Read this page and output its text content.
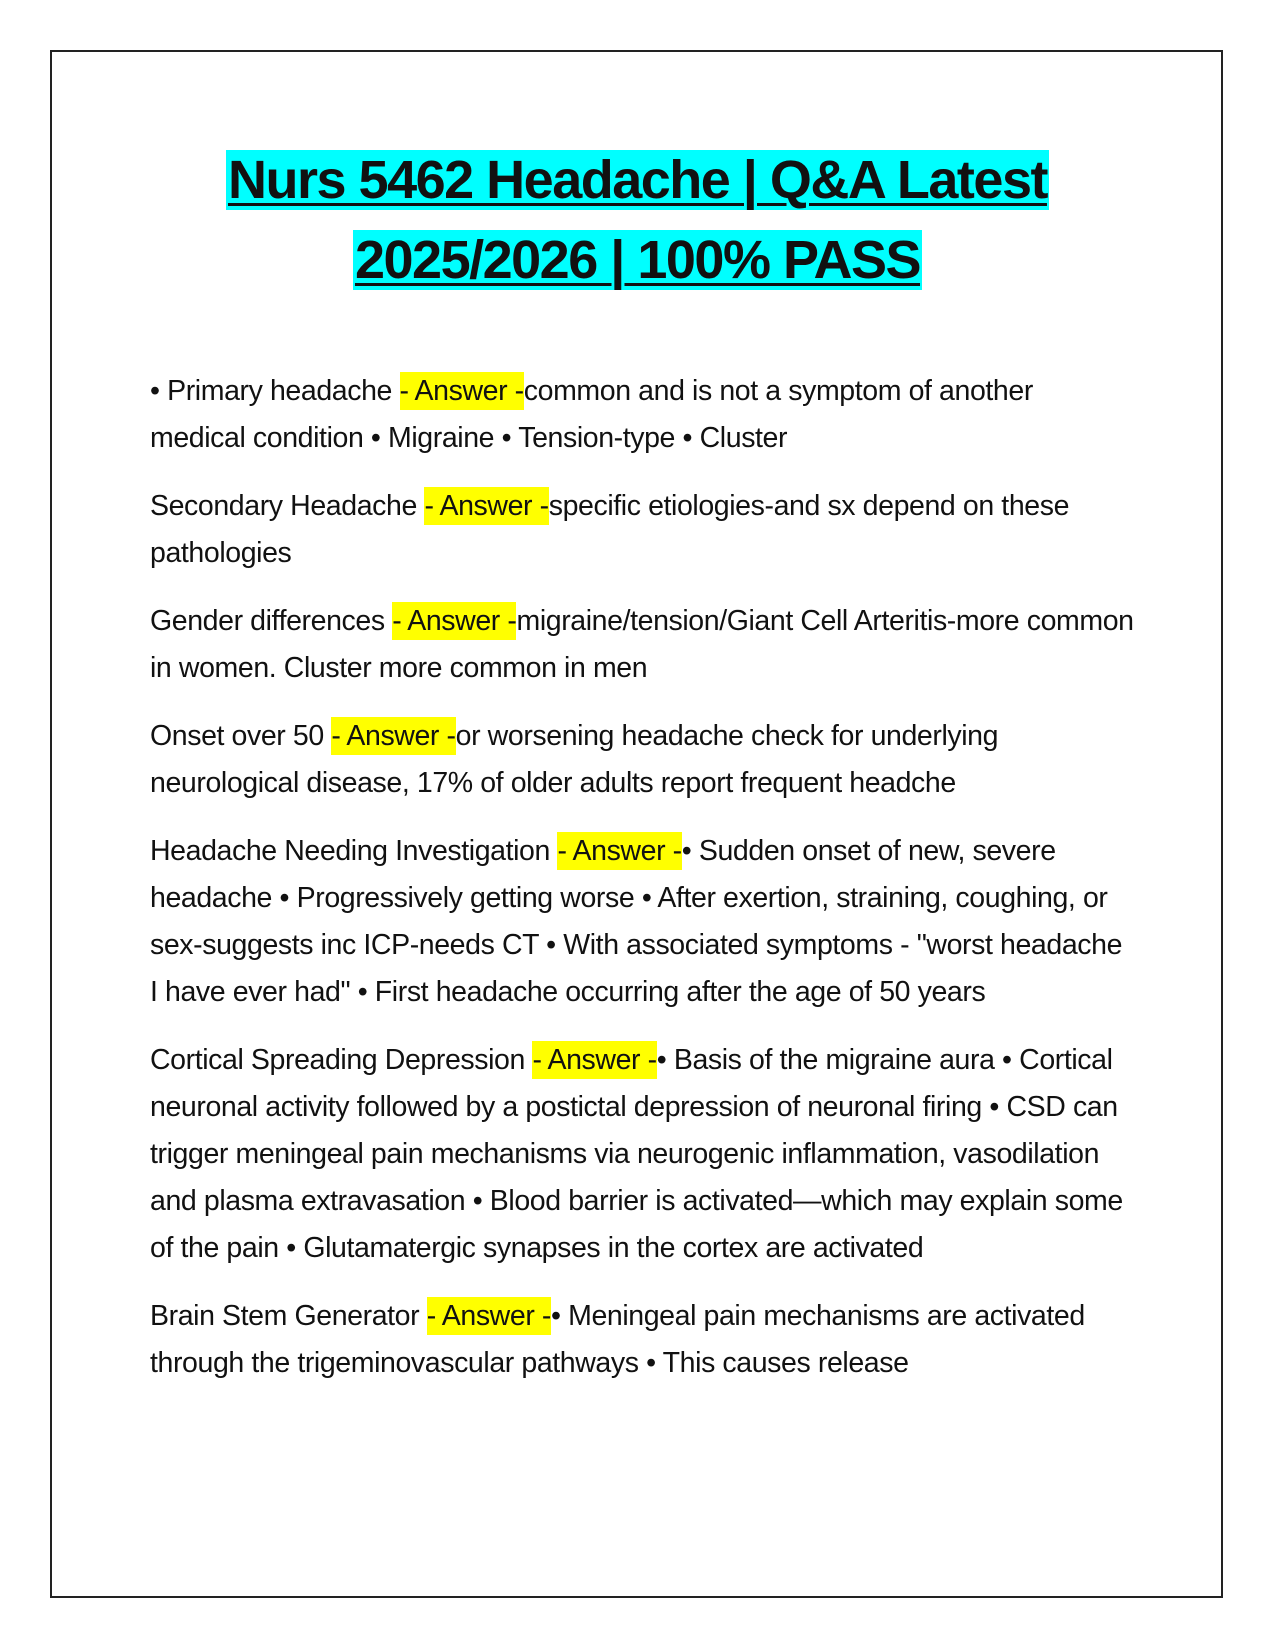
Nurs 5462 Headache | Q&A Latest
2025/2026 | 100% PASS
• Primary headache - Answer -common and is not a symptom of another medical condition • Migraine • Tension-type • Cluster
Secondary Headache - Answer -specific etiologies-and sx depend on these pathologies
Gender differences - Answer -migraine/tension/Giant Cell Arteritis-more common in women. Cluster more common in men
Onset over 50 - Answer -or worsening headache check for underlying neurological disease, 17% of older adults report frequent headche
Headache Needing Investigation - Answer -• Sudden onset of new, severe headache • Progressively getting worse • After exertion, straining, coughing, or sex-suggests inc ICP-needs CT • With associated symptoms - "worst headache I have ever had" • First headache occurring after the age of 50 years
Cortical Spreading Depression - Answer -• Basis of the migraine aura • Cortical neuronal activity followed by a postictal depression of neuronal firing • CSD can trigger meningeal pain mechanisms via neurogenic inflammation, vasodilation and plasma extravasation • Blood barrier is activated—which may explain some of the pain • Glutamatergic synapses in the cortex are activated
Brain Stem Generator - Answer -• Meningeal pain mechanisms are activated through the trigeminovascular pathways • This causes release
